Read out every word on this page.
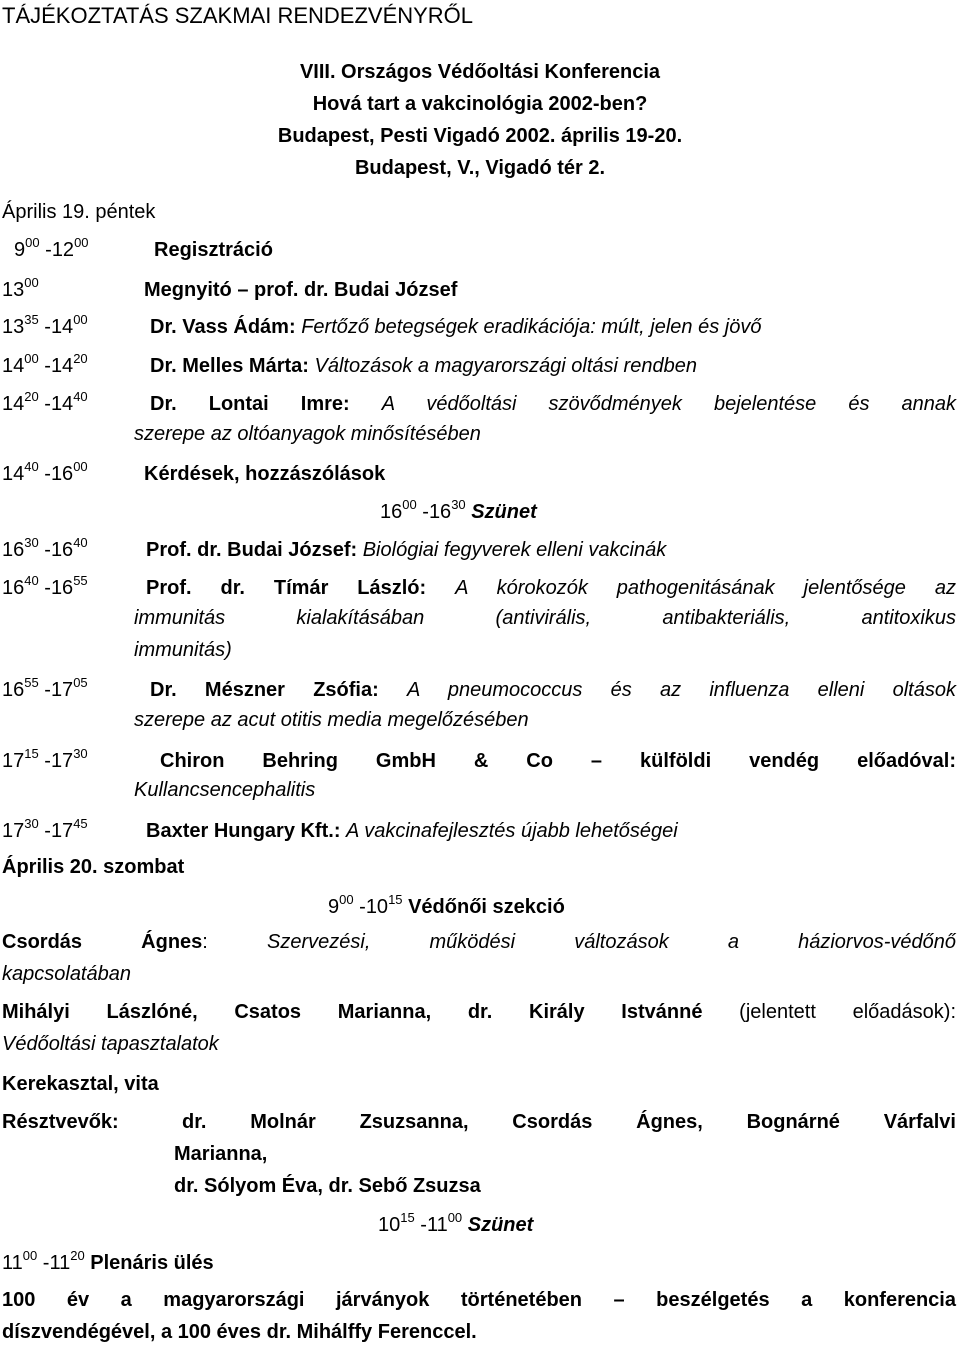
TÁJÉKOZTATÁS SZAKMAI RENDEZVÉNYRŐL
VIII. Országos Védőoltási Konferencia
Hová tart a vakcinológia 2002-ben?
Budapest, Pesti Vigadó 2002. április 19-20.
Budapest, V., Vigadó tér 2.
Április 19. péntek
$9^{00}$ $-12^{00}$	Regisztráció
$13^{00}$	Megnyitó – prof. dr. Budai József
$13^{35}$ $-14^{00}$	Dr. Vass Ádám: Fertőző betegségek eradikációja: múlt, jelen és jövő
$14^{00}$ $-14^{20}$	Dr. Melles Márta: Változások a magyarországi oltási rendben
$14^{20}$ $-14^{40}$	Dr. Lontai Imre: A védőoltási szövődmények bejelentése és annak
szerepe az oltóanyagok minősítésében
$14^{40}$ $-16^{00}$	Kérdések, hozzászólások
$16^{00}$ $-16^{30}$ Szünet
$16^{30}$ $-16^{40}$	Prof. dr. Budai József: Biológiai fegyverek elleni vakcinák
$16^{40}$ $-16^{55}$	Prof. dr. Tímár László: A kórokozók pathogenitásának jelentősége az
immunitás kialakításában (antivirális, antibakteriális, antitoxikus
immunitás)
$16^{55}$ $-17^{05}$	Dr. Mészner Zsófia: A pneumococcus és az influenza elleni oltások
szerepe az acut otitis media megelőzésében
$17^{15}$ $-17^{30}$	Chiron Behring GmbH & Co – külföldi vendég előadóval:
Kullancsencephalitis
$17^{30}$ $-17^{45}$	Baxter Hungary Kft.: A vakcinafejlesztés újabb lehetőségei
Április 20. szombat
$9^{00}$ $-10^{15}$ Védőnői szekció
Csordás Ágnes:	Szervezési, működési változások a háziorvos-védőnő
kapcsolatában
Mihályi Lászlóné, Csatos Marianna, dr. Király Istvánné (jelentett előadások):
Védőoltási tapasztalatok
Kerekasztal, vita
Résztvevők:	dr. Molnár Zsuzsanna, Csordás Ágnes, Bognárné Várfalvi
Marianna,
dr. Sólyom Éva, dr. Sebő Zsuzsa
$10^{15}$ $-11^{00}$ Szünet
$11^{00}$ $-11^{20}$ Plenáris ülés
100 év a magyarországi járványok történetében – beszélgetés a konferencia
díszvendégével, a 100 éves dr. Mihálffy Ferenccel.
